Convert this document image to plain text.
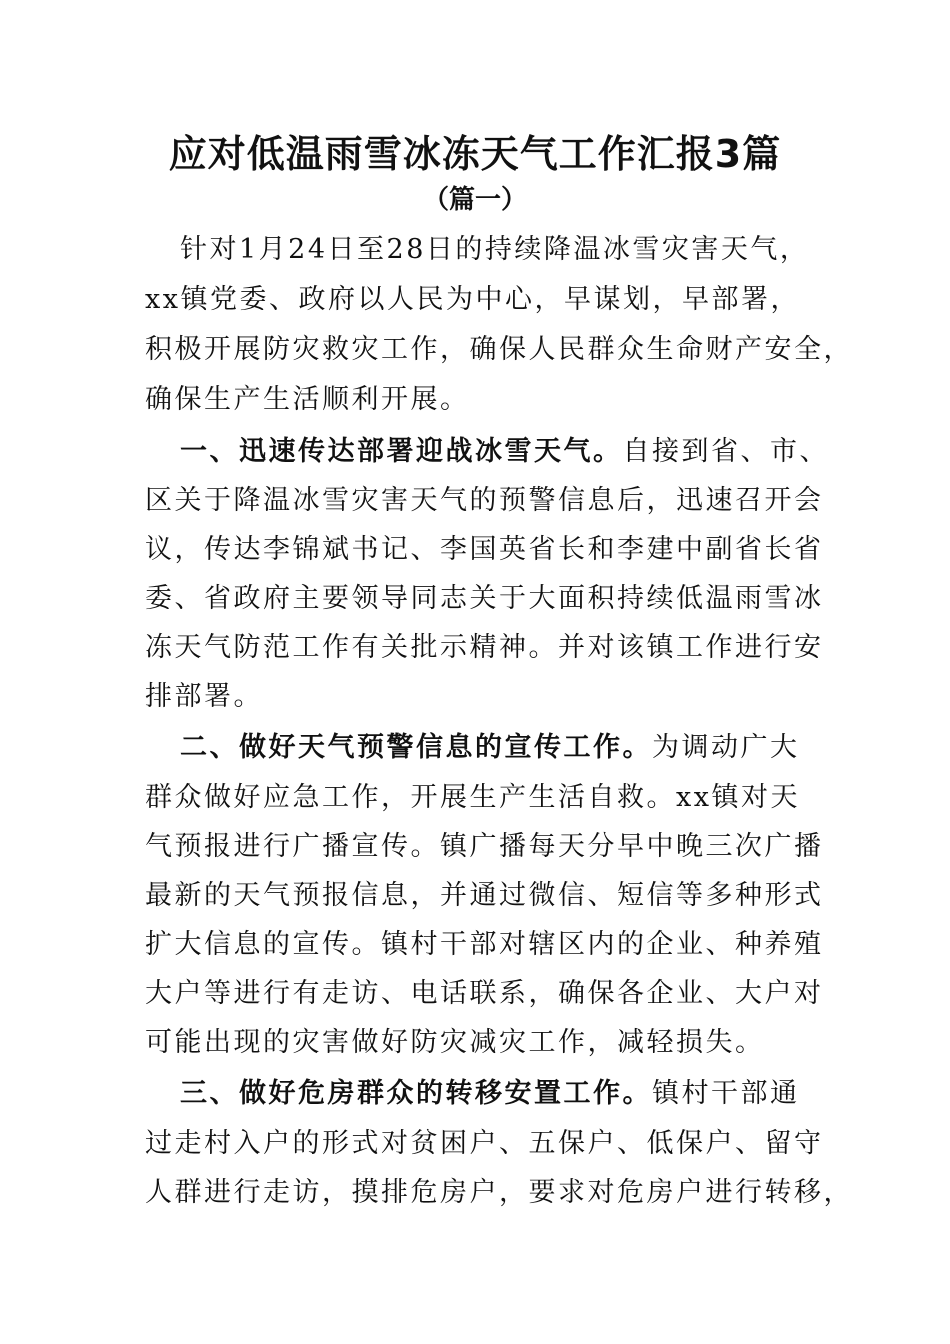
应对低温雨雪冰冻天气工作汇报3篇
（篇一）
针对1月24日至28日的持续降温冰雪灾害天气，
xx镇党委、政府以人民为中心，早谋划，早部署，
积极开展防灾救灾工作，确保人民群众生命财产安全，
确保生产生活顺利开展。
一、迅速传达部署迎战冰雪天气。自接到省、市、
区关于降温冰雪灾害天气的预警信息后，迅速召开会
议，传达李锦斌书记、李国英省长和李建中副省长省
委、省政府主要领导同志关于大面积持续低温雨雪冰
冻天气防范工作有关批示精神。并对该镇工作进行安
排部署。
二、做好天气预警信息的宣传工作。为调动广大
群众做好应急工作，开展生产生活自救。xx镇对天
气预报进行广播宣传。镇广播每天分早中晚三次广播
最新的天气预报信息，并通过微信、短信等多种形式
扩大信息的宣传。镇村干部对辖区内的企业、种养殖
大户等进行有走访、电话联系，确保各企业、大户对
可能出现的灾害做好防灾减灾工作，减轻损失。
三、做好危房群众的转移安置工作。镇村干部通
过走村入户的形式对贫困户、五保户、低保户、留守
人群进行走访，摸排危房户，要求对危房户进行转移，
